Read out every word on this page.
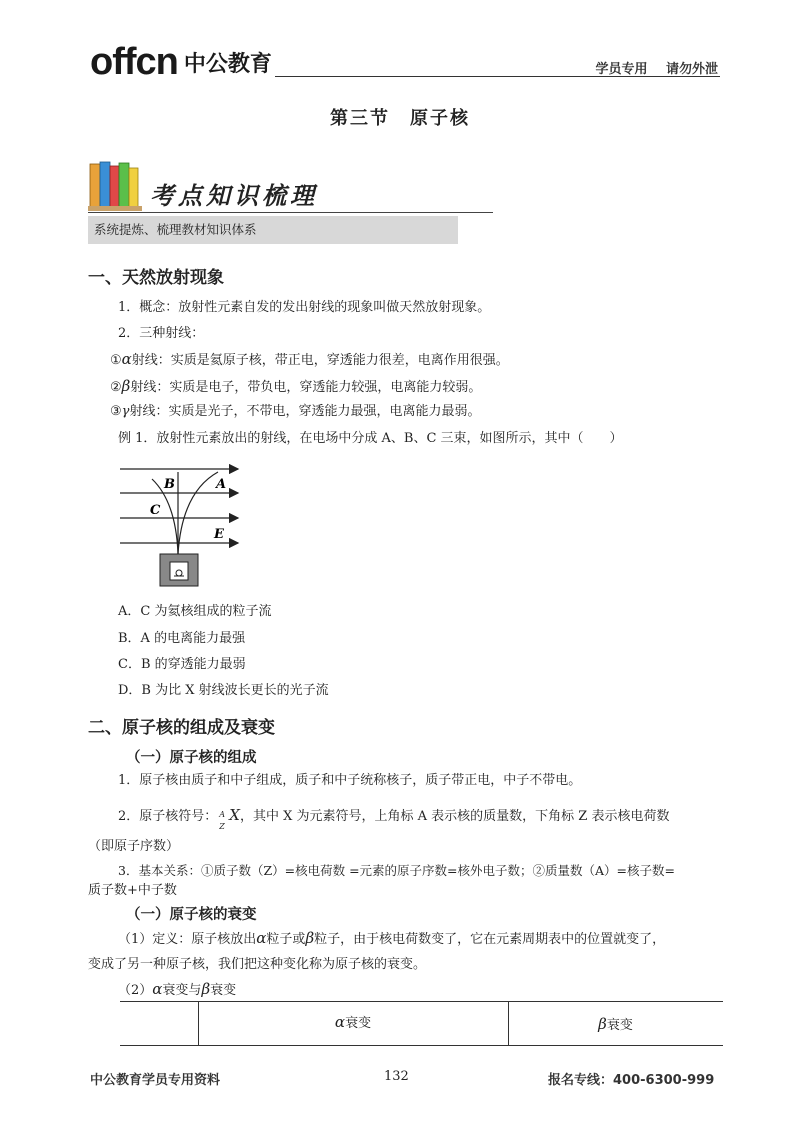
offcn 中公教育	学员专用 请勿外泄
第三节　原子核
考点知识梳理
系统提炼、梳理教材知识体系
一、天然放射现象
1．概念：放射性元素自发的发出射线的现象叫做天然放射现象。
2．三种射线：
①α射线：实质是氦原子核，带正电，穿透能力很差，电离作用很强。
②β射线：实质是电子，带负电，穿透能力较强，电离能力较弱。
③γ射线：实质是光子，不带电，穿透能力最强，电离能力最弱。
例 1．放射性元素放出的射线，在电场中分成 A、B、C 三束，如图所示，其中（　　）
B	A
C
E
A．C 为氦核组成的粒子流
B．A 的电离能力最强
C．B 的穿透能力最弱
D．B 为比 X 射线波长更长的光子流
二、原子核的组成及衰变
（一）原子核的组成
1．原子核由质子和中子组成，质子和中子统称核子，质子带正电，中子不带电。
2．原子核符号： A
Z
X，其中 X 为元素符号，上角标 A 表示核的质量数，下角标 Z 表示核电荷数
（即原子序数）
3．基本关系：①质子数（Z）=核电荷数 =元素的原子序数=核外电子数；②质量数（A）=核子数=
质子数+中子数
（一）原子核的衰变
（1）定义：原子核放出α粒子或β粒子，由于核电荷数变了，它在元素周期表中的位置就变了，
变成了另一种原子核，我们把这种变化称为原子核的衰变。
（2）α衰变与β衰变
α衰变	β衰变
中公教育学员专用资料	132	报名专线：400-6300-999
